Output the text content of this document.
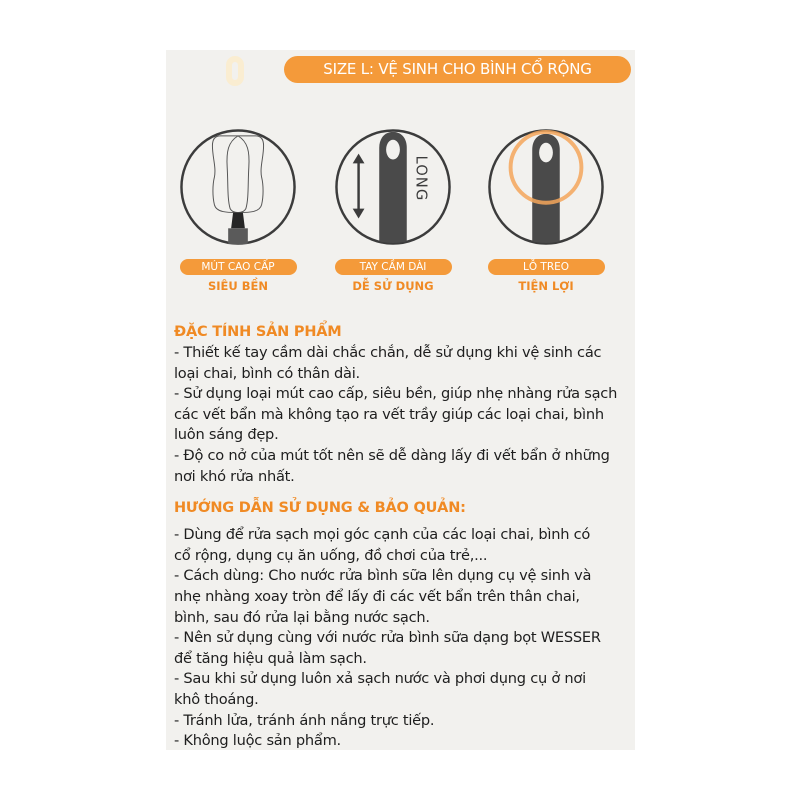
SIZE L: VỆ SINH CHO BÌNH CỔ RỘNG
MÚT CAO CẤP
SIÊU BỀN
LONG
TAY CẦM DÀI
DỄ SỬ DỤNG
LỖ TREO
TIỆN LỢI
ĐẶC TÍNH SẢN PHẨM
- Thiết kế tay cầm dài chắc chắn, dễ sử dụng khi vệ sinh các
loại chai, bình có thân dài.
- Sử dụng loại mút cao cấp, siêu bền, giúp nhẹ nhàng rửa sạch
các vết bẩn mà không tạo ra vết trầy giúp các loại chai, bình
luôn sáng đẹp.
- Độ co nở của mút tốt nên sẽ dễ dàng lấy đi vết bẩn ở những
nơi khó rửa nhất.
HƯỚNG DẪN SỬ DỤNG & BẢO QUẢN:
- Dùng để rửa sạch mọi góc cạnh của các loại chai, bình có
cổ rộng, dụng cụ ăn uống, đồ chơi của trẻ,...
- Cách dùng: Cho nước rửa bình sữa lên dụng cụ vệ sinh và
nhẹ nhàng xoay tròn để lấy đi các vết bẩn trên thân chai,
bình, sau đó rửa lại bằng nước sạch.
- Nên sử dụng cùng với nước rửa bình sữa dạng bọt WESSER
để tăng hiệu quả làm sạch.
- Sau khi sử dụng luôn xả sạch nước và phơi dụng cụ ở nơi
khô thoáng.
- Tránh lửa, tránh ánh nắng trực tiếp.
- Không luộc sản phẩm.
